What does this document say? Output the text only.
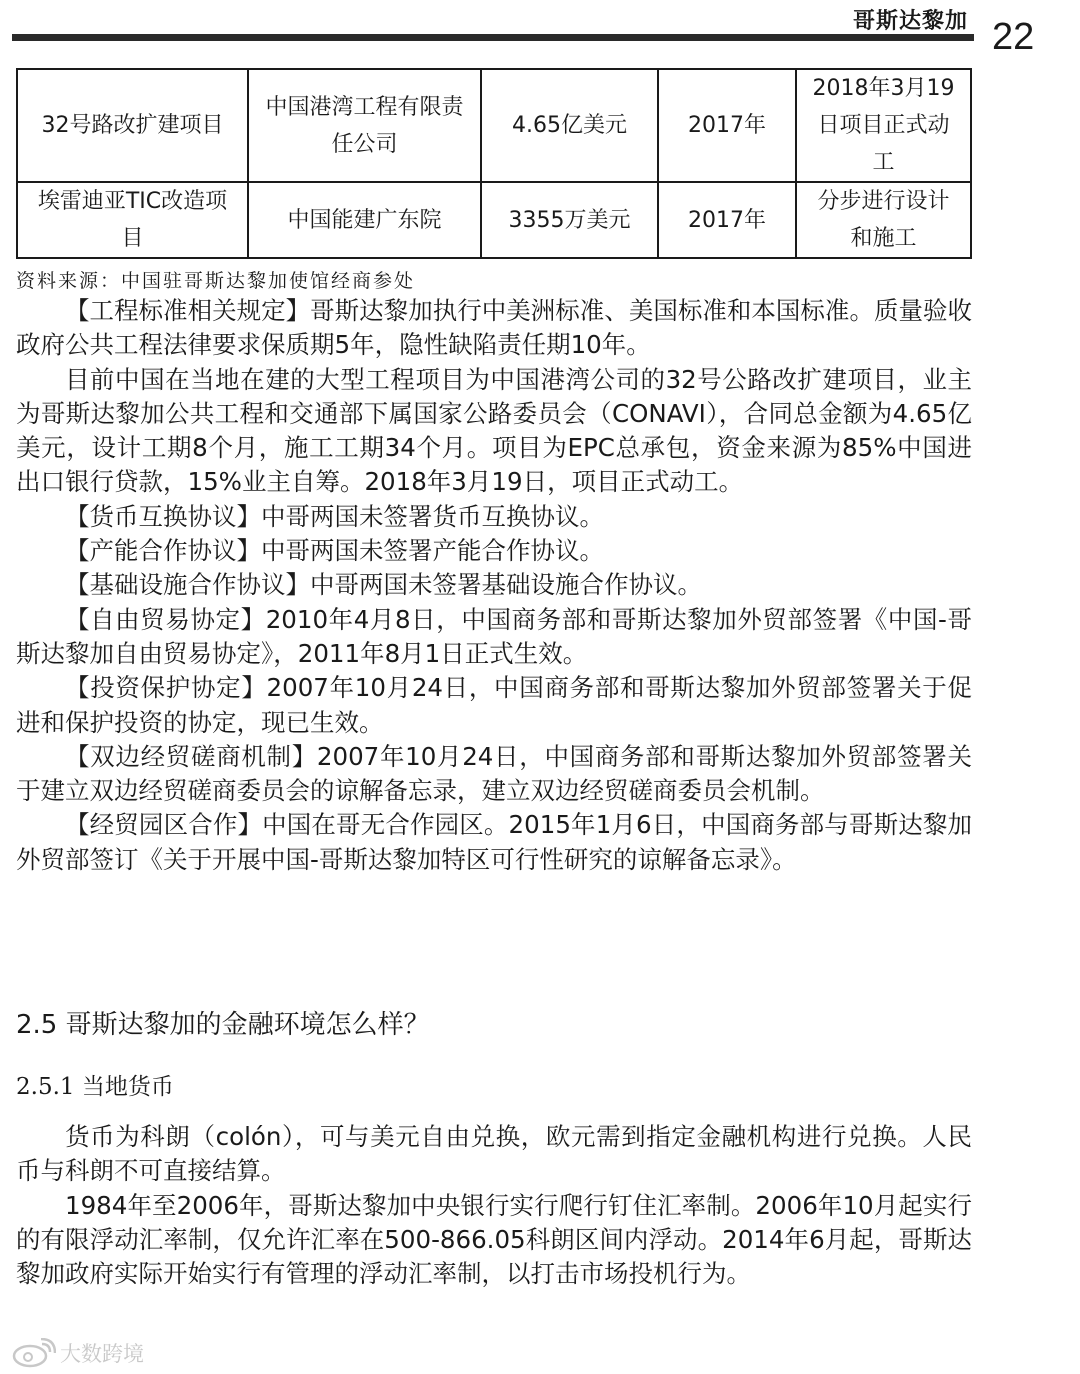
哥斯达黎加 22
32号路改扩建项目	中国港湾工程有限责任公司	4.65亿美元	2017年	2018年3月19日项目正式动工
埃雷迪亚TIC改造项目	中国能建广东院	3355万美元	2017年	分步进行设计和施工
资料来源：中国驻哥斯达黎加使馆经商参处

【工程标准相关规定】哥斯达黎加执行中美洲标准、美国标准和本国标准。质量验收政府公共工程法律要求保质期5年，隐性缺陷责任期10年。

目前中国在当地在建的大型工程项目为中国港湾公司的32号公路改扩建项目，业主为哥斯达黎加公共工程和交通部下属国家公路委员会（CONAVI），合同总金额为4.65亿美元，设计工期8个月，施工工期34个月。项目为EPC总承包，资金来源为85%中国进出口银行贷款，15%业主自筹。2018年3月19日，项目正式动工。

【货币互换协议】中哥两国未签署货币互换协议。

【产能合作协议】中哥两国未签署产能合作协议。

【基础设施合作协议】中哥两国未签署基础设施合作协议。

【自由贸易协定】2010年4月8日，中国商务部和哥斯达黎加外贸部签署《中国-哥斯达黎加自由贸易协定》，2011年8月1日正式生效。

【投资保护协定】2007年10月24日，中国商务部和哥斯达黎加外贸部签署关于促进和保护投资的协定，现已生效。

【双边经贸磋商机制】2007年10月24日，中国商务部和哥斯达黎加外贸部签署关于建立双边经贸磋商委员会的谅解备忘录，建立双边经贸磋商委员会机制。

【经贸园区合作】中国在哥无合作园区。2015年1月6日，中国商务部与哥斯达黎加外贸部签订《关于开展中国-哥斯达黎加特区可行性研究的谅解备忘录》。

2.5 哥斯达黎加的金融环境怎么样？
2.5.1 当地货币

货币为科朗（colón），可与美元自由兑换，欧元需到指定金融机构进行兑换。人民币与科朗不可直接结算。

1984年至2006年，哥斯达黎加中央银行实行爬行钉住汇率制。2006年10月起实行的有限浮动汇率制，仅允许汇率在500-866.05科朗区间内浮动。2014年6月起，哥斯达黎加政府实际开始实行有管理的浮动汇率制，以打击市场投机行为。

大数跨境
